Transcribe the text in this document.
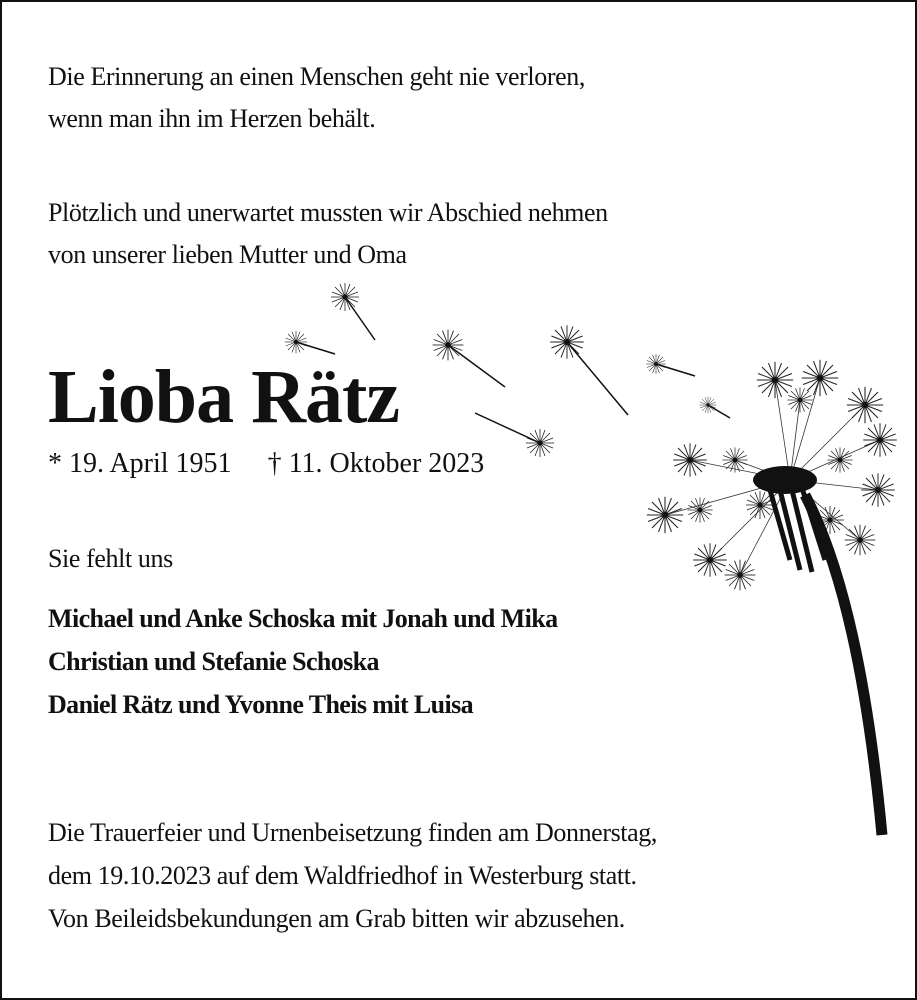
Die Erinnerung an einen Menschen geht nie verloren,
wenn man ihn im Herzen behält.
Plötzlich und unerwartet mussten wir Abschied nehmen
von unserer lieben Mutter und Oma
Lioba Rätz
* 19. April 1951 † 11. Oktober 2023
Sie fehlt uns
Michael und Anke Schoska mit Jonah und Mika
Christian und Stefanie Schoska
Daniel Rätz und Yvonne Theis mit Luisa
Die Trauerfeier und Urnenbeisetzung finden am Donnerstag,
dem 19.10.2023 auf dem Waldfriedhof in Westerburg statt.
Von Beileidsbekundungen am Grab bitten wir abzusehen.
